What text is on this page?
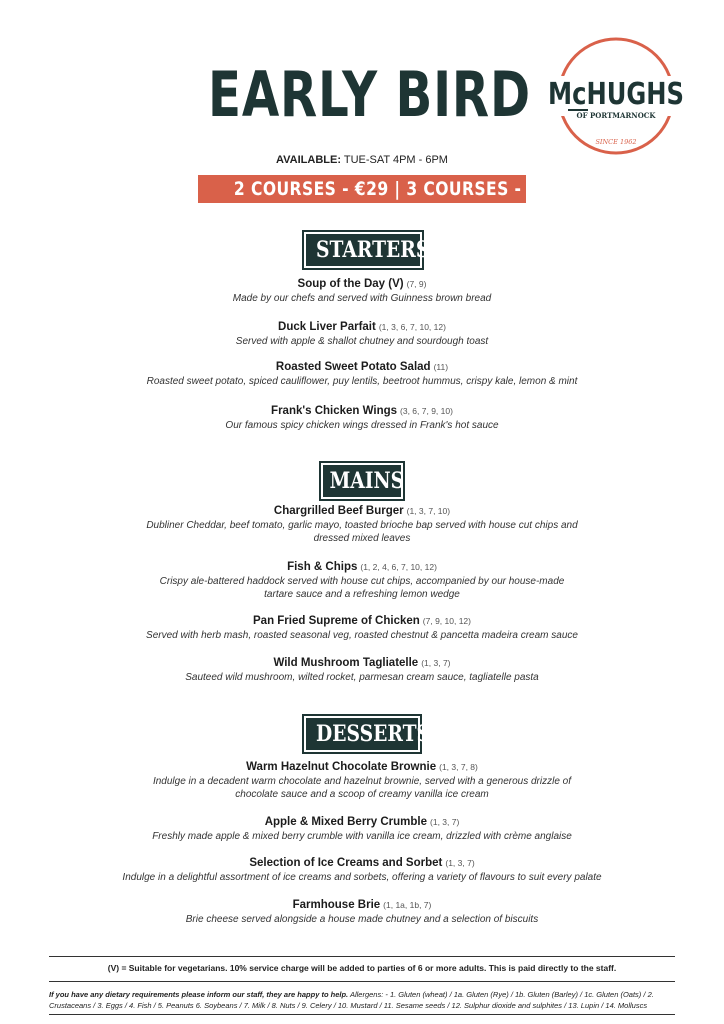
EARLY BIRD McHUGHS
OF PORTMARNOCK
SINCE 1962
AVAILABLE: TUE-SAT 4PM - 6PM
2 COURSES - €29 | 3 COURSES - €33
STARTERS
Soup of the Day (V) (7, 9)
Made by our chefs and served with Guinness brown bread
Duck Liver Parfait (1, 3, 6, 7, 10, 12)
Served with apple & shallot chutney and sourdough toast
Roasted Sweet Potato Salad (11)
Roasted sweet potato, spiced cauliflower, puy lentils, beetroot hummus, crispy kale, lemon & mint
Frank's Chicken Wings (3, 6, 7, 9, 10)
Our famous spicy chicken wings dressed in Frank's hot sauce
MAINS
Chargrilled Beef Burger (1, 3, 7, 10)
Dubliner Cheddar, beef tomato, garlic mayo, toasted brioche bap served with house cut chips and
dressed mixed leaves
Fish & Chips (1, 2, 4, 6, 7, 10, 12)
Crispy ale-battered haddock served with house cut chips, accompanied by our house-made
tartare sauce and a refreshing lemon wedge
Pan Fried Supreme of Chicken (7, 9, 10, 12)
Served with herb mash, roasted seasonal veg, roasted chestnut & pancetta madeira cream sauce
Wild Mushroom Tagliatelle (1, 3, 7)
Sauteed wild mushroom, wilted rocket, parmesan cream sauce, tagliatelle pasta
DESSERTS
Warm Hazelnut Chocolate Brownie (1, 3, 7, 8)
Indulge in a decadent warm chocolate and hazelnut brownie, served with a generous drizzle of
chocolate sauce and a scoop of creamy vanilla ice cream
Apple & Mixed Berry Crumble (1, 3, 7)
Freshly made apple & mixed berry crumble with vanilla ice cream, drizzled with crème anglaise
Selection of Ice Creams and Sorbet (1, 3, 7)
Indulge in a delightful assortment of ice creams and sorbets, offering a variety of flavours to suit every palate
Farmhouse Brie (1, 1a, 1b, 7)
Brie cheese served alongside a house made chutney and a selection of biscuits
(V) = Suitable for vegetarians. 10% service charge will be added to parties of 6 or more adults. This is paid directly to the staff.
If you have any dietary requirements please inform our staff, they are happy to help. Allergens: - 1. Gluten (wheat) / 1a. Gluten (Rye) / 1b. Gluten (Barley) / 1c. Gluten (Oats) / 2. Crustaceans / 3. Eggs / 4. Fish / 5. Peanuts 6. Soybeans / 7. Milk / 8. Nuts / 9. Celery / 10. Mustard / 11. Sesame seeds / 12. Sulphur dioxide and sulphites / 13. Lupin / 14. Molluscs
